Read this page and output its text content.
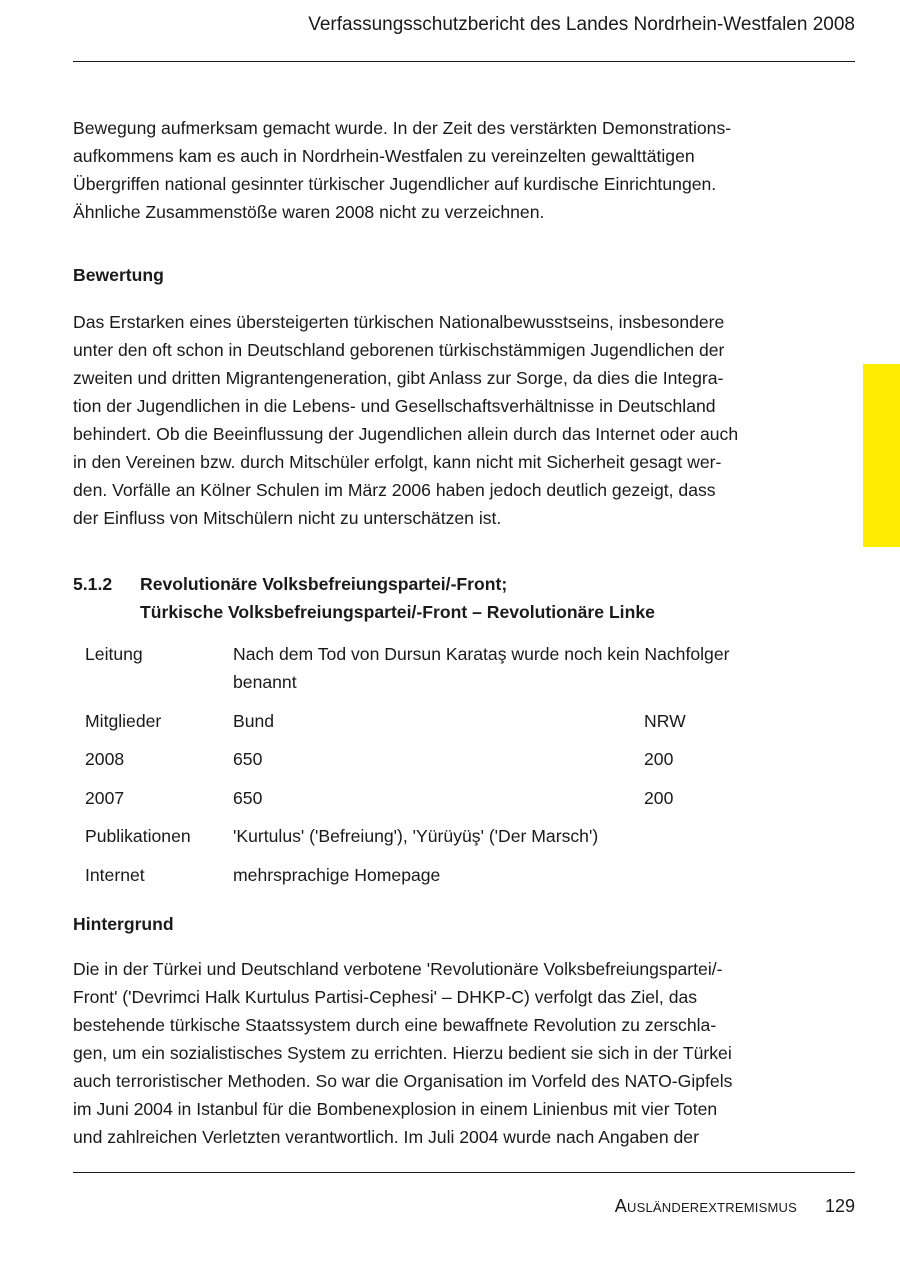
Verfassungsschutzbericht des Landes Nordrhein-Westfalen 2008

Bewegung aufmerksam gemacht wurde. In der Zeit des verstärkten Demonstrations-
aufkommens kam es auch in Nordrhein-Westfalen zu vereinzelten gewalttätigen
Übergriffen national gesinnter türkischer Jugendlicher auf kurdische Einrichtungen.
Ähnliche Zusammenstöße waren 2008 nicht zu verzeichnen.

Bewertung

Das Erstarken eines übersteigerten türkischen Nationalbewusstseins, insbesondere
unter den oft schon in Deutschland geborenen türkischstämmigen Jugendlichen der
zweiten und dritten Migrantengeneration, gibt Anlass zur Sorge, da dies die Integra-
tion der Jugendlichen in die Lebens- und Gesellschaftsverhältnisse in Deutschland
behindert. Ob die Beeinflussung der Jugendlichen allein durch das Internet oder auch
in den Vereinen bzw. durch Mitschüler erfolgt, kann nicht mit Sicherheit gesagt wer-
den. Vorfälle an Kölner Schulen im März 2006 haben jedoch deutlich gezeigt, dass
der Einfluss von Mitschülern nicht zu unterschätzen ist.

5.1.2	Revolutionäre Volksbefreiungspartei/-Front;
Türkische Volksbefreiungspartei/-Front – Revolutionäre Linke
Leitung	Nach dem Tod von Dursun Karataş wurde noch kein Nachfolger
benannt	

Mitglieder	Bund	NRW
2008	650	200
2007	650	200
Publikationen	'Kurtulus' ('Befreiung'), 'Yürüyüş' ('Der Marsch')	
Internet	mehrsprachige Homepage	

Hintergrund

Die in der Türkei und Deutschland verbotene 'Revolutionäre Volksbefreiungspartei/-
Front' ('Devrimci Halk Kurtulus Partisi-Cephesi' – DHKP-C) verfolgt das Ziel, das
bestehende türkische Staatssystem durch eine bewaffnete Revolution zu zerschla-
gen, um ein sozialistisches System zu errichten. Hierzu bedient sie sich in der Türkei
auch terroristischer Methoden. So war die Organisation im Vorfeld des NATO-Gipfels
im Juni 2004 in Istanbul für die Bombenexplosion in einem Linienbus mit vier Toten
und zahlreichen Verletzten verantwortlich. Im Juli 2004 wurde nach Angaben der

Ausländerextremismus 129
